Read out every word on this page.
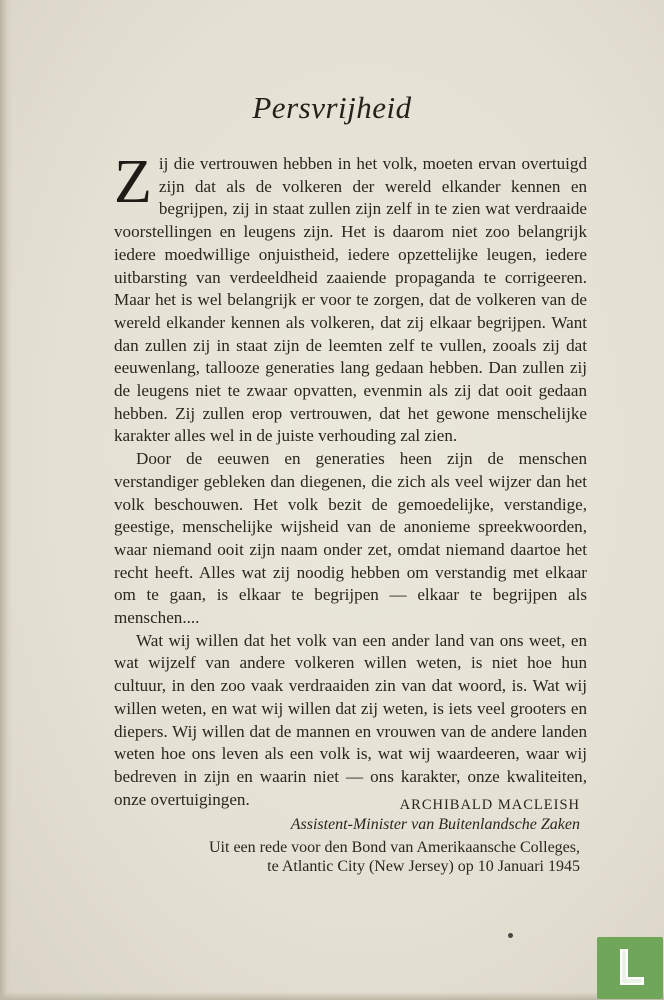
Persvrijheid

Zij die vertrouwen hebben in het volk, moeten ervan overtuigd zijn dat als de volkeren der wereld elkander kennen en begrijpen, zij in staat zullen zijn zelf in te zien wat verdraaide voorstellingen en leugens zijn. Het is daarom niet zoo belangrijk iedere moedwillige onjuistheid, iedere opzettelijke leugen, iedere uitbarsting van verdeeldheid zaaiende propaganda te corrigeeren. Maar het is wel belangrijk er voor te zorgen, dat de volkeren van de wereld elkander kennen als volkeren, dat zij elkaar begrijpen. Want dan zullen zij in staat zijn de leemten zelf te vullen, zooals zij dat eeuwenlang, tallooze generaties lang gedaan hebben. Dan zullen zij de leugens niet te zwaar opvatten, evenmin als zij dat ooit gedaan hebben. Zij zullen erop vertrouwen, dat het gewone menschelijke karakter alles wel in de juiste verhouding zal zien.

Door de eeuwen en generaties heen zijn de menschen verstandiger gebleken dan diegenen, die zich als veel wijzer dan het volk beschouwen. Het volk bezit de gemoedelijke, verstandige, geestige, menschelijke wijsheid van de anonieme spreekwoorden, waar niemand ooit zijn naam onder zet, omdat niemand daartoe het recht heeft. Alles wat zij noodig hebben om verstandig met elkaar om te gaan, is elkaar te begrijpen — elkaar te begrijpen als menschen....

Wat wij willen dat het volk van een ander land van ons weet, en wat wijzelf van andere volkeren willen weten, is niet hoe hun cultuur, in den zoo vaak verdraaiden zin van dat woord, is. Wat wij willen weten, en wat wij willen dat zij weten, is iets veel grooters en diepers. Wij willen dat de mannen en vrouwen van de andere landen weten hoe ons leven als een volk is, wat wij waardeeren, waar wij bedreven in zijn en waarin niet — ons karakter, onze kwaliteiten, onze overtuigingen.	ARCHIBALD MACLEISH
Assistent-Minister van Buitenlandsche Zaken
Uit een rede voor den Bond van Amerikaansche Colleges,
te Atlantic City (New Jersey) op 10 Januari 1945
